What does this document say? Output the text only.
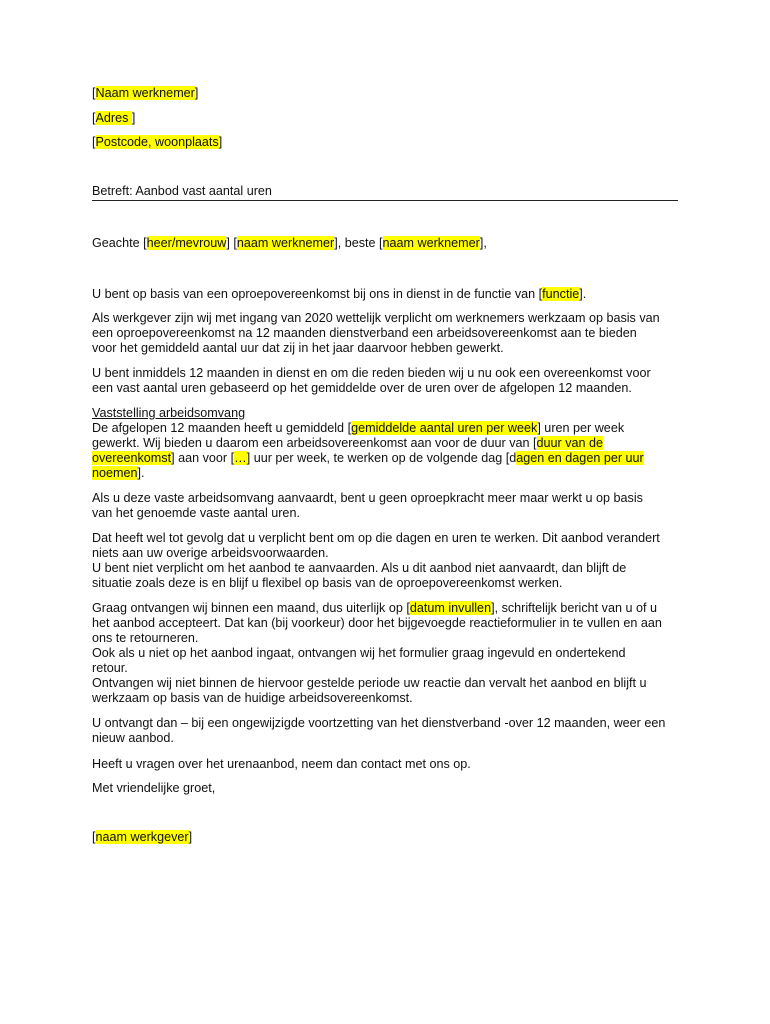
[Naam werknemer]
[Adres ]
[Postcode, woonplaats]
Betreft: Aanbod vast aantal uren
Geachte [heer/mevrouw] [naam werknemer], beste [naam werknemer],
U bent op basis van een oproepovereenkomst bij ons in dienst in de functie van [functie].
Als werkgever zijn wij met ingang van 2020 wettelijk verplicht om werknemers werkzaam op basis van
een oproepovereenkomst na 12 maanden dienstverband een arbeidsovereenkomst aan te bieden
voor het gemiddeld aantal uur dat zij in het jaar daarvoor hebben gewerkt.
U bent inmiddels 12 maanden in dienst en om die reden bieden wij u nu ook een overeenkomst voor
een vast aantal uren gebaseerd op het gemiddelde over de uren over de afgelopen 12 maanden.
Vaststelling arbeidsomvang
De afgelopen 12 maanden heeft u gemiddeld [gemiddelde aantal uren per week] uren per week
gewerkt. Wij bieden u daarom een arbeidsovereenkomst aan voor de duur van [duur van de
overeenkomst] aan voor […] uur per week, te werken op de volgende dag [dagen en dagen per uur
noemen].
Als u deze vaste arbeidsomvang aanvaardt, bent u geen oproepkracht meer maar werkt u op basis
van het genoemde vaste aantal uren.
Dat heeft wel tot gevolg dat u verplicht bent om op die dagen en uren te werken. Dit aanbod verandert
niets aan uw overige arbeidsvoorwaarden.
U bent niet verplicht om het aanbod te aanvaarden. Als u dit aanbod niet aanvaardt, dan blijft de
situatie zoals deze is en blijf u flexibel op basis van de oproepovereenkomst werken.
Graag ontvangen wij binnen een maand, dus uiterlijk op [datum invullen], schriftelijk bericht van u of u
het aanbod accepteert. Dat kan (bij voorkeur) door het bijgevoegde reactieformulier in te vullen en aan
ons te retourneren.
Ook als u niet op het aanbod ingaat, ontvangen wij het formulier graag ingevuld en ondertekend
retour.
Ontvangen wij niet binnen de hiervoor gestelde periode uw reactie dan vervalt het aanbod en blijft u
werkzaam op basis van de huidige arbeidsovereenkomst.
U ontvangt dan – bij een ongewijzigde voortzetting van het dienstverband -over 12 maanden, weer een
nieuw aanbod.
Heeft u vragen over het urenaanbod, neem dan contact met ons op.
Met vriendelijke groet,
[naam werkgever]
